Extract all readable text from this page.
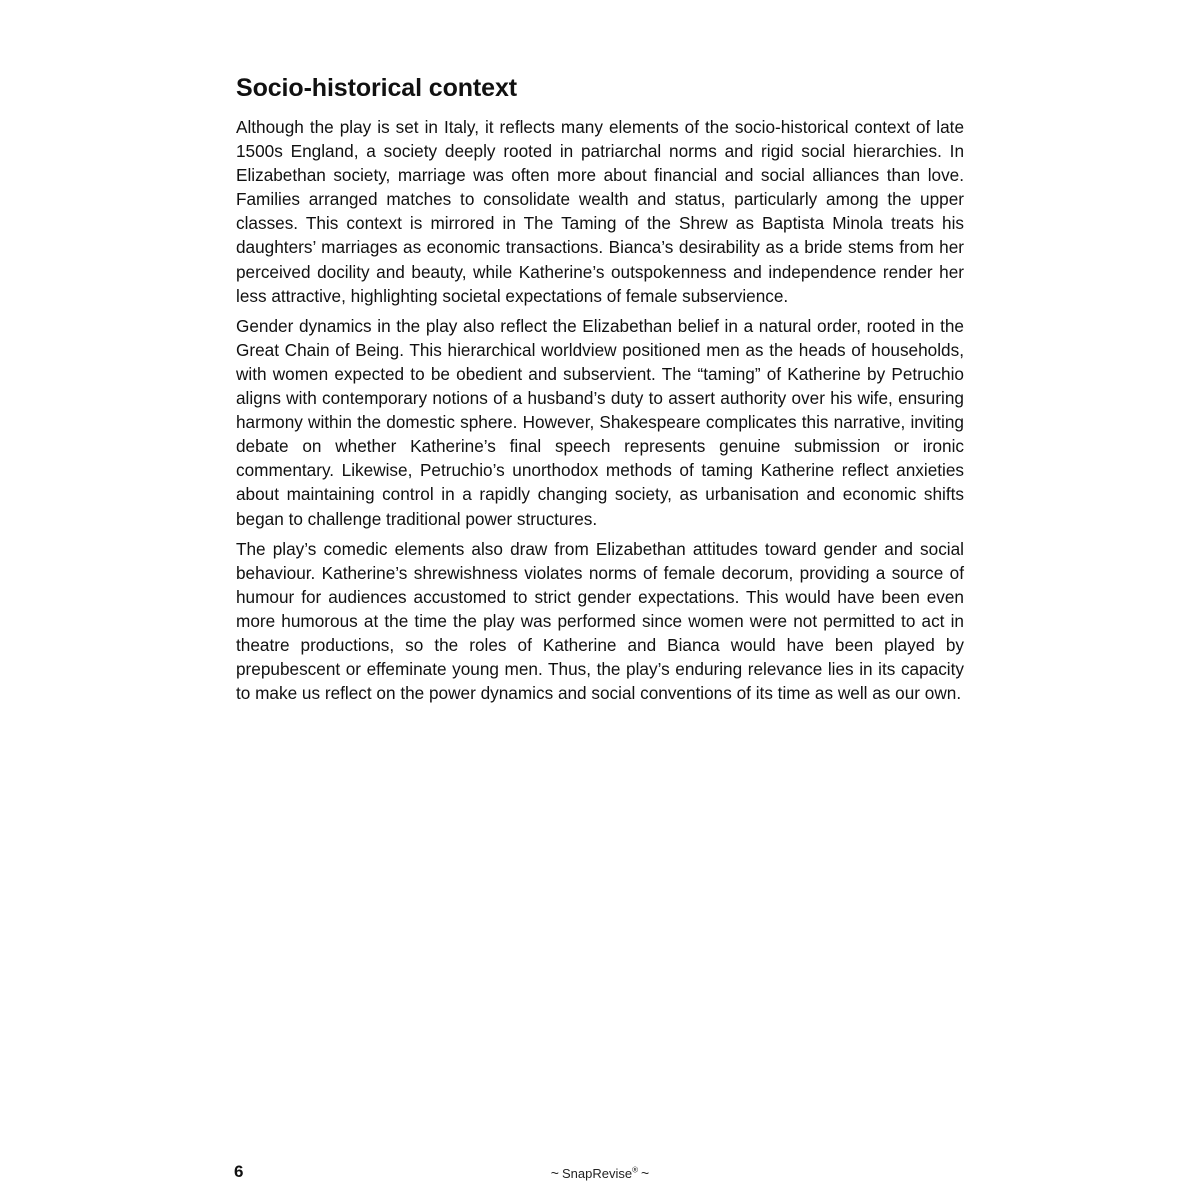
Socio-historical context

Although the play is set in Italy, it reflects many elements of the socio-historical context of late 1500s England, a society deeply rooted in patriarchal norms and rigid social hierarchies. In Elizabethan society, marriage was often more about financial and social alliances than love. Families arranged matches to consolidate wealth and status, particularly among the upper classes. This context is mirrored in The Taming of the Shrew as Baptista Minola treats his daughters’ marriages as economic transactions. Bianca’s desirability as a bride stems from her perceived docility and beauty, while Katherine’s outspokenness and independence render her less attractive, highlighting societal expectations of female subservience.

Gender dynamics in the play also reflect the Elizabethan belief in a natural order, rooted in the Great Chain of Being. This hierarchical worldview positioned men as the heads of households, with women expected to be obedient and subservient. The “taming” of Katherine by Petruchio aligns with contemporary notions of a husband’s duty to assert authority over his wife, ensuring harmony within the domestic sphere. However, Shakespeare complicates this narrative, inviting debate on whether Katherine’s final speech represents genuine submission or ironic commentary. Likewise, Petruchio’s unorthodox methods of taming Katherine reflect anxieties about maintaining control in a rapidly changing society, as urbanisation and economic shifts began to challenge traditional power structures.

The play’s comedic elements also draw from Elizabethan attitudes toward gender and social behaviour. Katherine’s shrewishness violates norms of female decorum, providing a source of humour for audiences accustomed to strict gender expectations. This would have been even more humorous at the time the play was performed since women were not permitted to act in theatre productions, so the roles of Katherine and Bianca would have been played by prepubescent or effeminate young men. Thus, the play’s enduring relevance lies in its capacity to make us reflect on the power dynamics and social conventions of its time as well as our own.

6	~ SnapRevise® ~
